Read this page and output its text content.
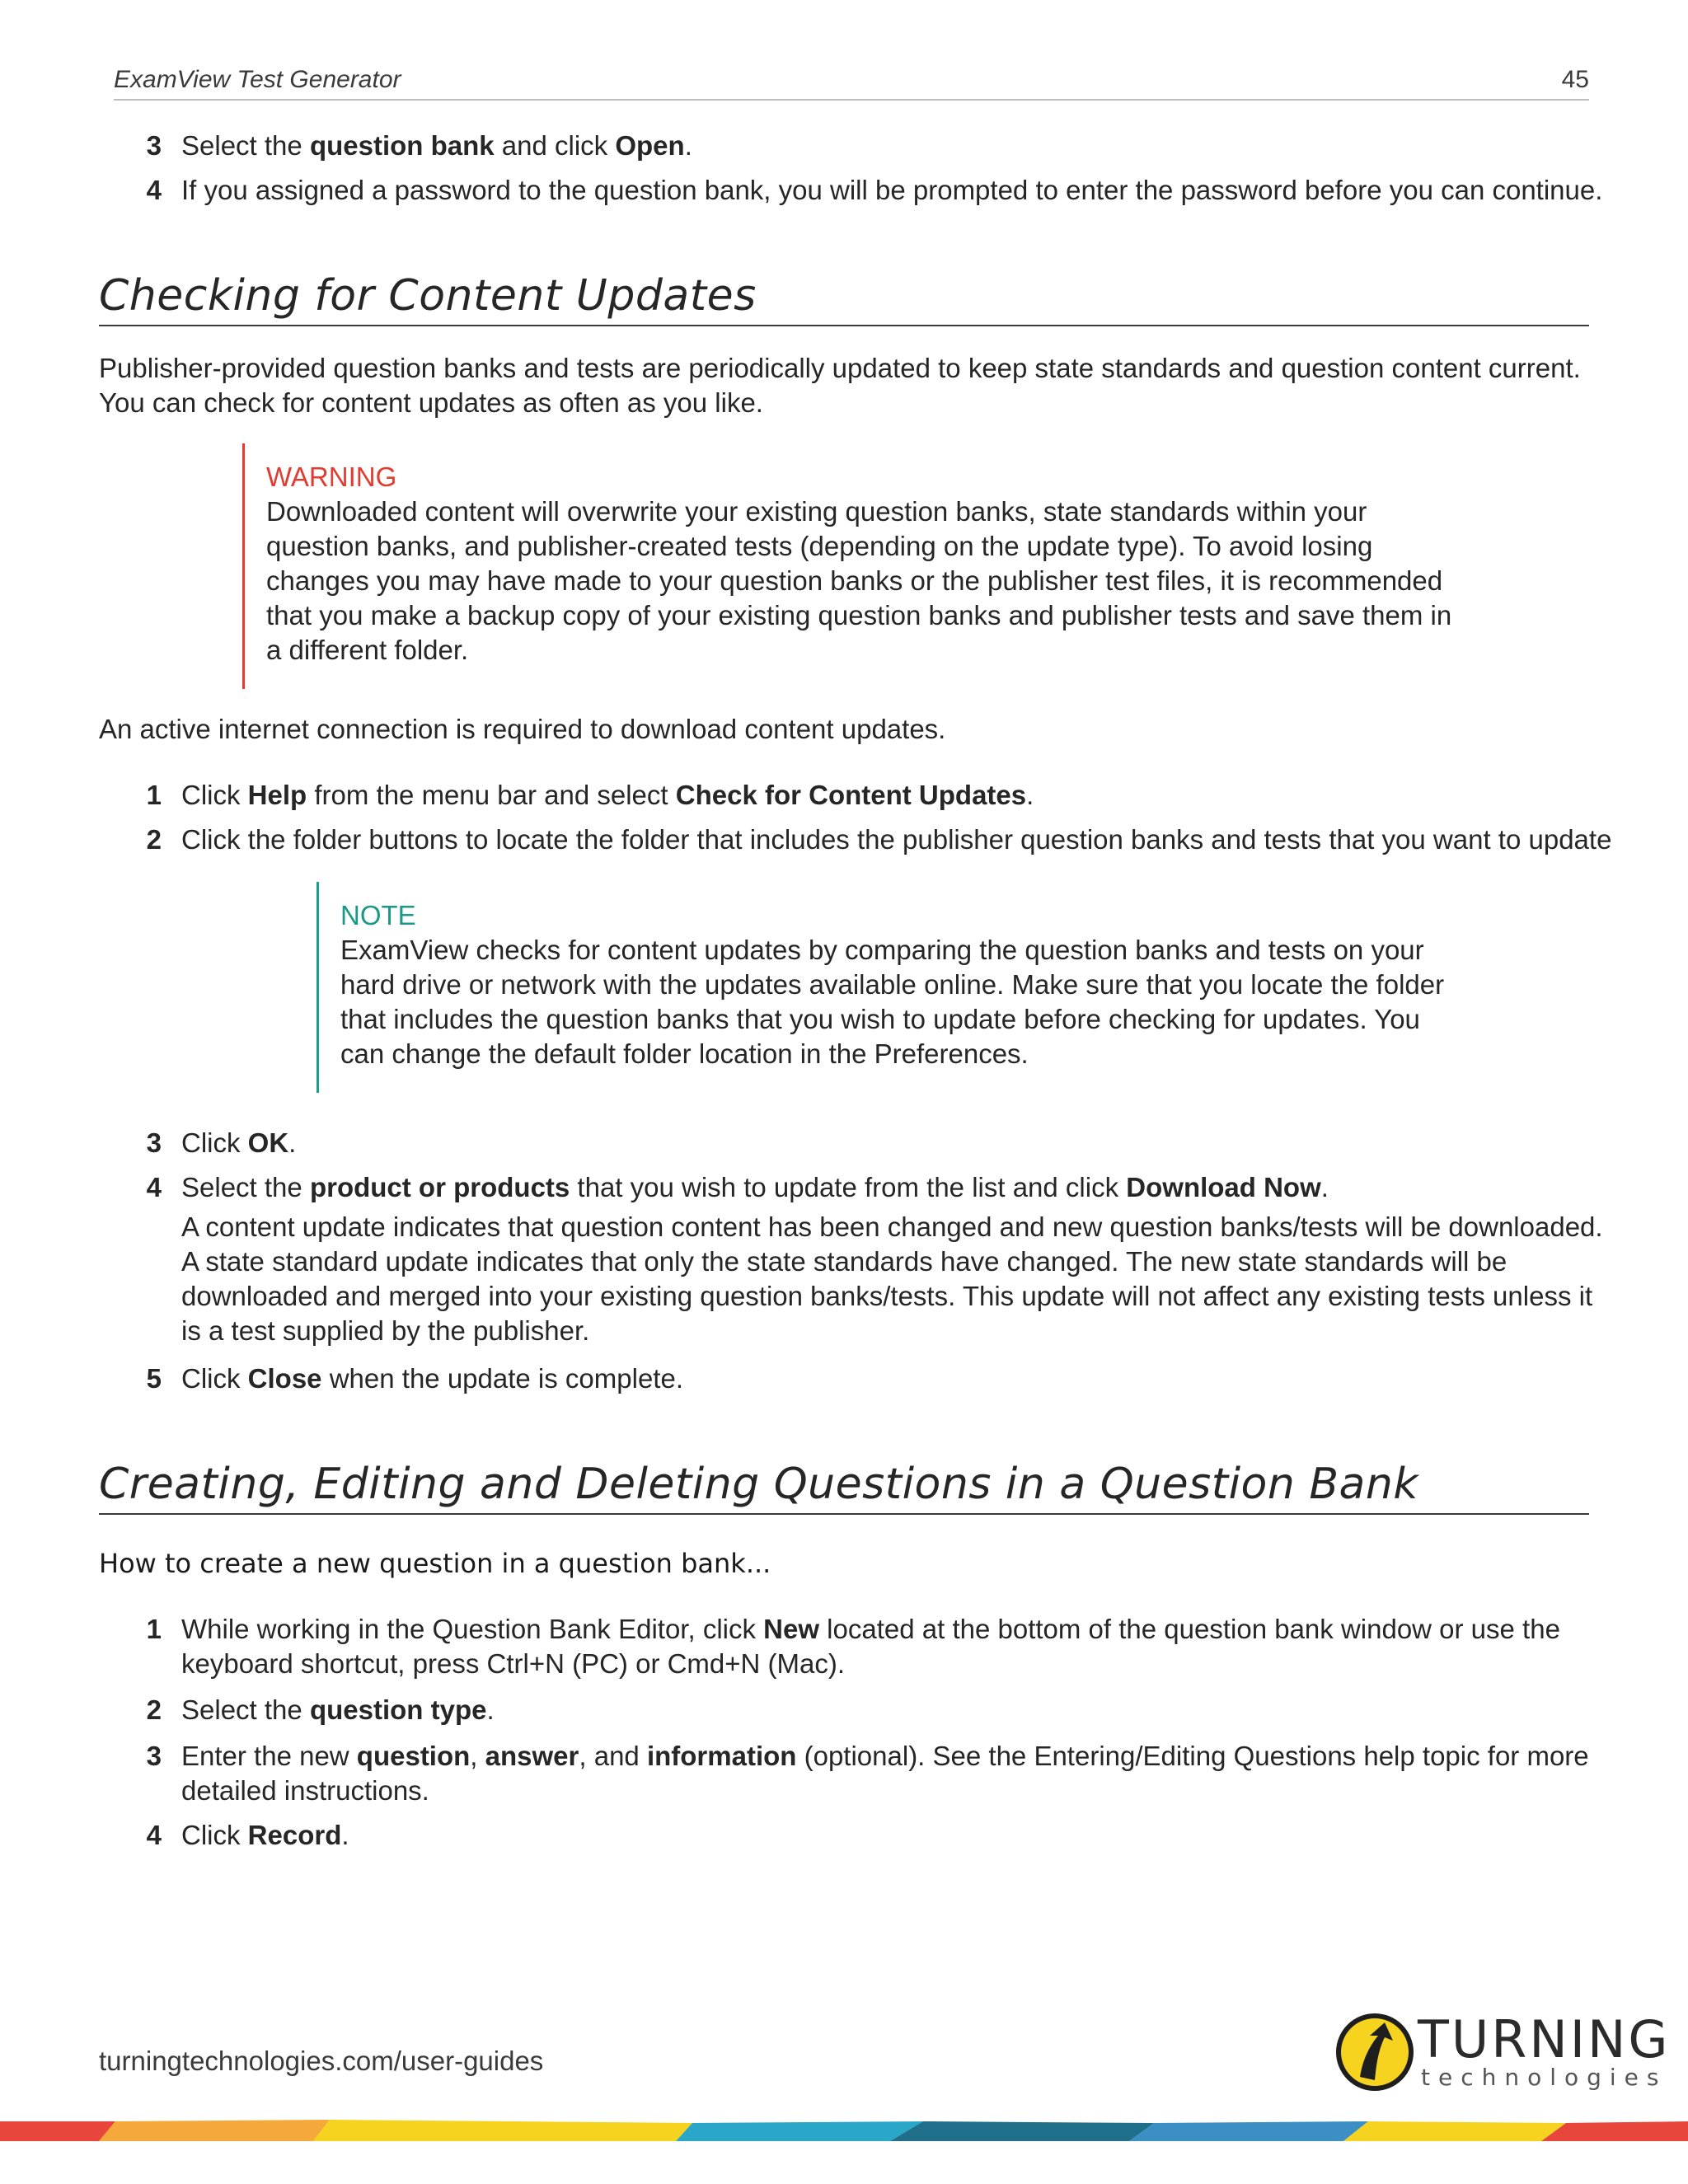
ExamView Test Generator	45
3 Select the question bank and click Open.
4 If you assigned a password to the question bank, you will be prompted to enter the password before you can continue.
Checking for Content Updates
Publisher-provided question banks and tests are periodically updated to keep state standards and question content current.
You can check for content updates as often as you like.
WARNING
Downloaded content will overwrite your existing question banks, state standards within your
question banks, and publisher-created tests (depending on the update type). To avoid losing
changes you may have made to your question banks or the publisher test files, it is recommended
that you make a backup copy of your existing question banks and publisher tests and save them in
a different folder.
An active internet connection is required to download content updates.
1 Click Help from the menu bar and select Check for Content Updates.
2 Click the folder buttons to locate the folder that includes the publisher question banks and tests that you want to update
NOTE
ExamView checks for content updates by comparing the question banks and tests on your
hard drive or network with the updates available online. Make sure that you locate the folder
that includes the question banks that you wish to update before checking for updates. You
can change the default folder location in the Preferences.
3 Click OK.
4 Select the product or products that you wish to update from the list and click Download Now.
A content update indicates that question content has been changed and new question banks/tests will be downloaded.
A state standard update indicates that only the state standards have changed. The new state standards will be
downloaded and merged into your existing question banks/tests. This update will not affect any existing tests unless it
is a test supplied by the publisher.
5 Click Close when the update is complete.
Creating, Editing and Deleting Questions in a Question Bank
How to create a new question in a question bank...
1 While working in the Question Bank Editor, click New located at the bottom of the question bank window or use the
keyboard shortcut, press Ctrl+N (PC) or Cmd+N (Mac).
2 Select the question type.
3 Enter the new question, answer, and information (optional). See the Entering/Editing Questions help topic for more
detailed instructions.
4 Click Record.
turningtechnologies.com/user-guides	TURNING
technologies
